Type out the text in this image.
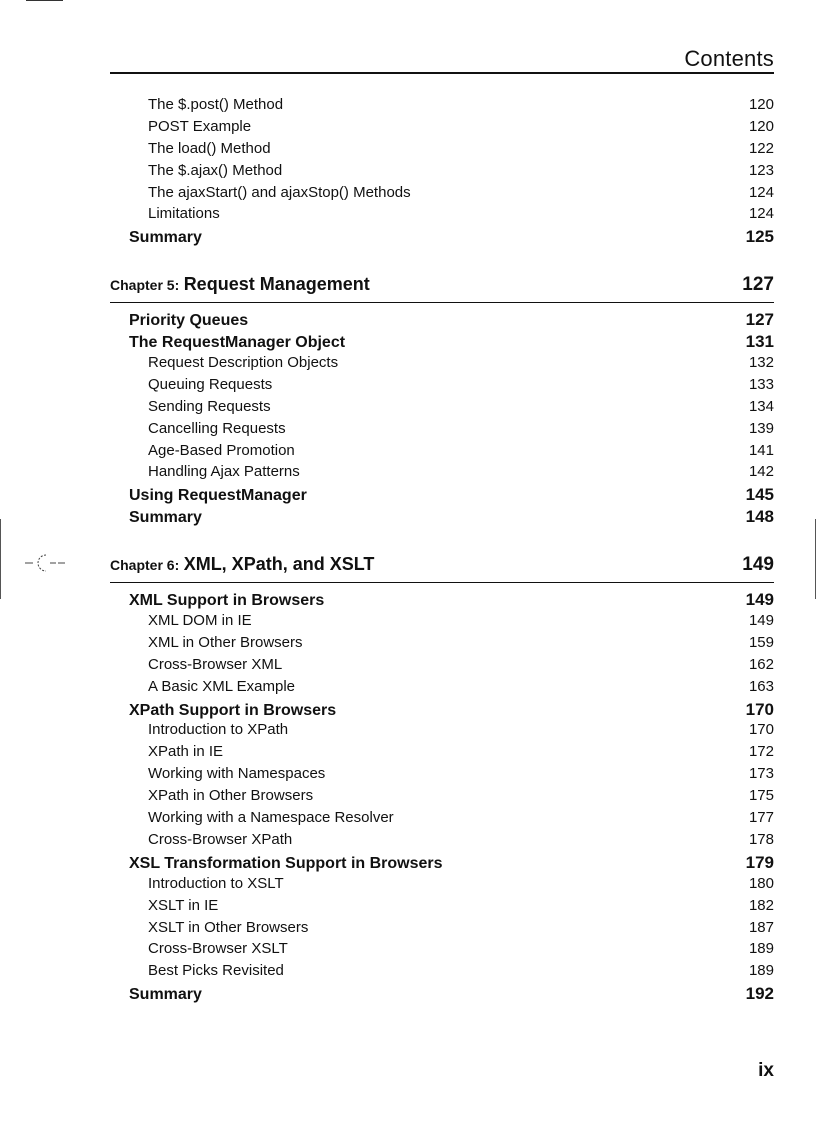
Contents
The $.post() Method	120
POST Example	120
The load() Method	122
The $.ajax() Method	123
The ajaxStart() and ajaxStop() Methods	124
Limitations	124
Summary	125
Chapter 5: Request Management	127
Priority Queues	127
The RequestManager Object	131
Request Description Objects	132
Queuing Requests	133
Sending Requests	134
Cancelling Requests	139
Age-Based Promotion	141
Handling Ajax Patterns	142
Using RequestManager	145
Summary	148
Chapter 6: XML, XPath, and XSLT	149
XML Support in Browsers	149
XML DOM in IE	149
XML in Other Browsers	159
Cross-Browser XML	162
A Basic XML Example	163
XPath Support in Browsers	170
Introduction to XPath	170
XPath in IE	172
Working with Namespaces	173
XPath in Other Browsers	175
Working with a Namespace Resolver	177
Cross-Browser XPath	178
XSL Transformation Support in Browsers	179
Introduction to XSLT	180
XSLT in IE	182
XSLT in Other Browsers	187
Cross-Browser XSLT	189
Best Picks Revisited	189
Summary	192
ix
